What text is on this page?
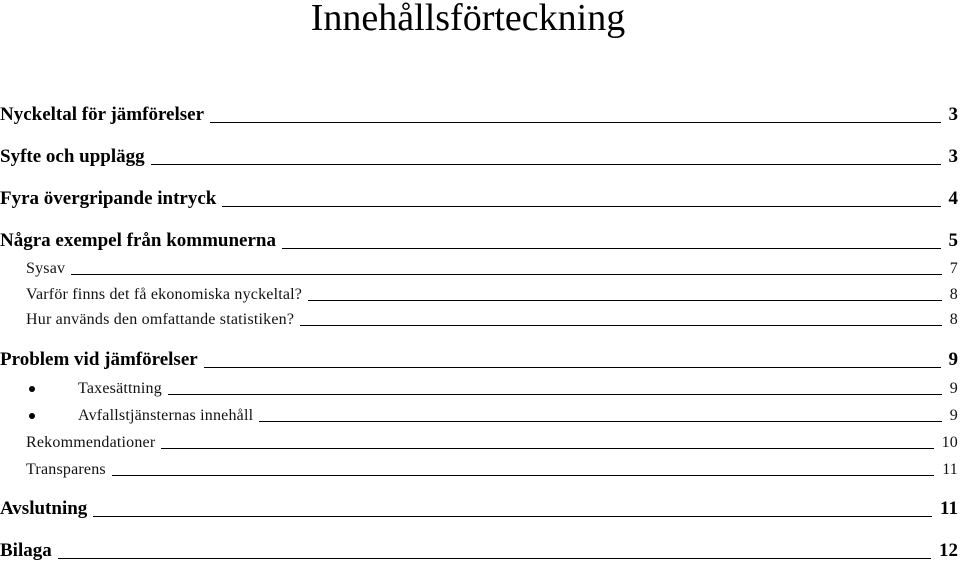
Innehållsförteckning
Nyckeltal för jämförelser	3
Syfte och upplägg	3
Fyra övergripande intryck	4
Några exempel från kommunerna	5
Sysav	7
Varför finns det få ekonomiska nyckeltal?	8
Hur används den omfattande statistiken?	8
Problem vid jämförelser	9
Taxesättning	9
Avfallstjänsternas innehåll	9
Rekommendationer	10
Transparens	11
Avslutning	11
Bilaga	12
